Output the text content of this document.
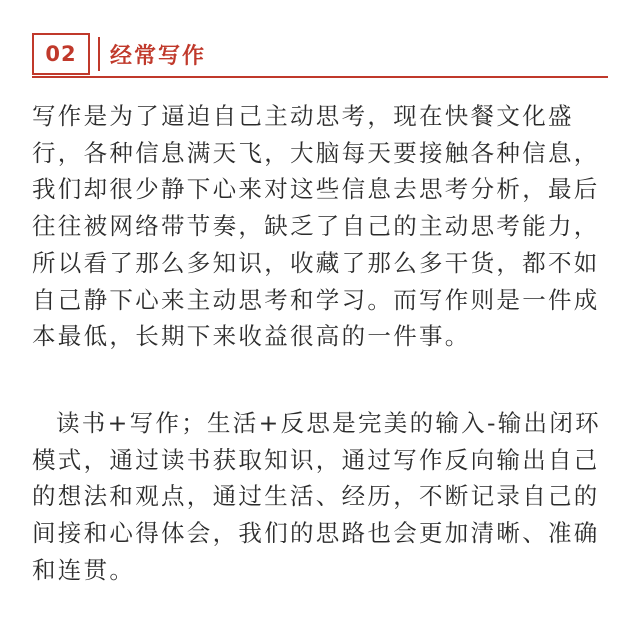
02 经常写作

写作是为了逼迫自己主动思考，现在快餐文化盛行，各种信息满天飞，大脑每天要接触各种信息，我们却很少静下心来对这些信息去思考分析，最后往往被网络带节奏，缺乏了自己的主动思考能力，所以看了那么多知识，收藏了那么多干货，都不如自己静下心来主动思考和学习。而写作则是一件成本最低，长期下来收益很高的一件事。

读书+写作；生活+反思是完美的输入-输出闭环模式，通过读书获取知识，通过写作反向输出自己的想法和观点，通过生活、经历，不断记录自己的间接和心得体会，我们的思路也会更加清晰、准确和连贯。
